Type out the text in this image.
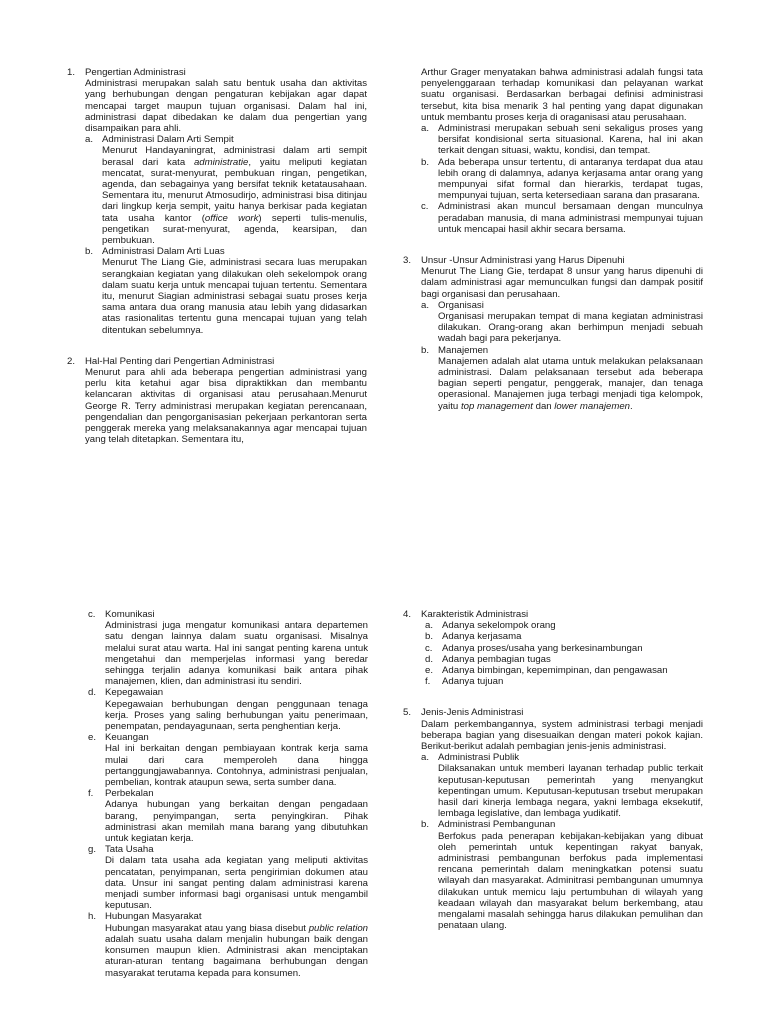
1. Pengertian Administrasi
Administrasi merupakan salah satu bentuk usaha dan aktivitas yang berhubungan dengan pengaturan kebijakan agar dapat mencapai target maupun tujuan organisasi. Dalam hal ini, administrasi dapat dibedakan ke dalam dua pengertian yang disampaikan para ahli.
a. Administrasi Dalam Arti Sempit
Menurut Handayaningrat, administrasi dalam arti sempit berasal dari kata administratie, yaitu meliputi kegiatan mencatat, surat-menyurat, pembukuan ringan, pengetikan, agenda, dan sebagainya yang bersifat teknik ketatausahaan. Sementara itu, menurut Atmosudirjo, administrasi bisa ditinjau dari lingkup kerja sempit, yaitu hanya berkisar pada kegiatan tata usaha kantor (office work) seperti tulis-menulis, pengetikan surat-menyurat, agenda, kearsipan, dan pembukuan.
b. Administrasi Dalam Arti Luas
Menurut The Liang Gie, administrasi secara luas merupakan serangkaian kegiatan yang dilakukan oleh sekelompok orang dalam suatu kerja untuk mencapai tujuan tertentu. Sementara itu, menurut Siagian administrasi sebagai suatu proses kerja sama antara dua orang manusia atau lebih yang didasarkan atas rasionalitas tertentu guna mencapai tujuan yang telah ditentukan sebelumnya.
2. Hal-Hal Penting dari Pengertian Administrasi
Menurut para ahli ada beberapa pengertian administrasi yang perlu kita ketahui agar bisa dipraktikkan dan membantu kelancaran aktivitas di organisasi atau perusahaan.Menurut George R. Terry administrasi merupakan kegiatan perencanaan, pengendalian dan pengorganisasian pekerjaan perkantoran serta penggerak mereka yang melaksanakannya agar mencapai tujuan yang telah ditetapkan. Sementara itu,
Arthur Grager menyatakan bahwa administrasi adalah fungsi tata penyelenggaraan terhadap komunikasi dan pelayanan warkat suatu organisasi. Berdasarkan berbagai definisi administrasi tersebut, kita bisa menarik 3 hal penting yang dapat digunakan untuk membantu proses kerja di oraganisasi atau perusahaan.
a. Administrasi merupakan sebuah seni sekaligus proses yang bersifat kondisional serta situasional. Karena, hal ini akan terkait dengan situasi, waktu, kondisi, dan tempat.
b. Ada beberapa unsur tertentu, di antaranya terdapat dua atau lebih orang di dalamnya, adanya kerjasama antar orang yang mempunyai sifat formal dan hierarkis, terdapat tugas, mempunyai tujuan, serta ketersediaan sarana dan prasarana.
c. Administrasi akan muncul bersamaan dengan munculnya peradaban manusia, di mana administrasi mempunyai tujuan untuk mencapai hasil akhir secara bersama.
3. Unsur -Unsur Administrasi yang Harus Dipenuhi
Menurut The Liang Gie, terdapat 8 unsur yang harus dipenuhi di dalam administrasi agar memunculkan fungsi dan dampak positif bagi organisasi dan perusahaan.
a. Organisasi
Organisasi merupakan tempat di mana kegiatan administrasi dilakukan. Orang-orang akan berhimpun menjadi sebuah wadah bagi para pekerjanya.
b. Manajemen
Manajemen adalah alat utama untuk melakukan pelaksanaan administrasi. Dalam pelaksanaan tersebut ada beberapa bagian seperti pengatur, penggerak, manajer, dan tenaga operasional. Manajemen juga terbagi menjadi tiga kelompok, yaitu top management dan lower manajemen.
c. Komunikasi
Administrasi juga mengatur komunikasi antara departemen satu dengan lainnya dalam suatu organisasi. Misalnya melalui surat atau warta. Hal ini sangat penting karena untuk mengetahui dan memperjelas informasi yang beredar sehingga terjalin adanya komunikasi baik antara pihak manajemen, klien, dan administrasi itu sendiri.
d. Kepegawaian
Kepegawaian berhubungan dengan penggunaan tenaga kerja. Proses yang saling berhubungan yaitu penerimaan, penempatan, pendayagunaan, serta penghentian kerja.
e. Keuangan
Hal ini berkaitan dengan pembiayaan kontrak kerja sama mulai dari cara memperoleh dana hingga pertanggungjawabannya. Contohnya, administrasi penjualan, pembelian, kontrak ataupun sewa, serta sumber dana.
f. Perbekalan
Adanya hubungan yang berkaitan dengan pengadaan barang, penyimpangan, serta penyingkiran. Pihak administrasi akan memilah mana barang yang dibutuhkan untuk kegiatan kerja.
g. Tata Usaha
Di dalam tata usaha ada kegiatan yang meliputi aktivitas pencatatan, penyimpanan, serta pengirimian dokumen atau data. Unsur ini sangat penting dalam administrasi karena menjadi sumber informasi bagi organisasi untuk mengambil keputusan.
h. Hubungan Masyarakat
Hubungan masyarakat atau yang biasa disebut public relation adalah suatu usaha dalam menjalin hubungan baik dengan konsumen maupun klien. Administrasi akan menciptakan aturan-aturan tentang bagaimana berhubungan dengan masyarakat terutama kepada para konsumen.
4. Karakteristik Administrasi
a. Adanya sekelompok orang
b. Adanya kerjasama
c. Adanya proses/usaha yang berkesinambungan
d. Adanya pembagian tugas
e. Adanya bimbingan, kepemimpinan, dan pengawasan
f. Adanya tujuan
5. Jenis-Jenis Administrasi
Dalam perkembangannya, system administrasi terbagi menjadi beberapa bagian yang disesuaikan dengan materi pokok kajian. Berikut-berikut adalah pembagian jenis-jenis administrasi.
a. Administrasi Publik
Dilaksanakan untuk memberi layanan terhadap public terkait keputusan-keputusan pemerintah yang menyangkut kepentingan umum. Keputusan-keputusan trsebut merupakan hasil dari kinerja lembaga negara, yakni lembaga eksekutif, lembaga legislative, dan lembaga yudikatif.
b. Administrasi Pembangunan
Berfokus pada penerapan kebijakan-kebijakan yang dibuat oleh pemerintah untuk kepentingan rakyat banyak, administrasi pembangunan berfokus pada implementasi rencana pemerintah dalam meningkatkan potensi suatu wilayah dan masyarakat. Adminitrasi pembangunan umumnya dilakukan untuk memicu laju pertumbuhan di wilayah yang keadaan wilayah dan masyarakat belum berkembang, atau mengalami masalah sehingga harus dilakukan pemulihan dan penataan ulang.
